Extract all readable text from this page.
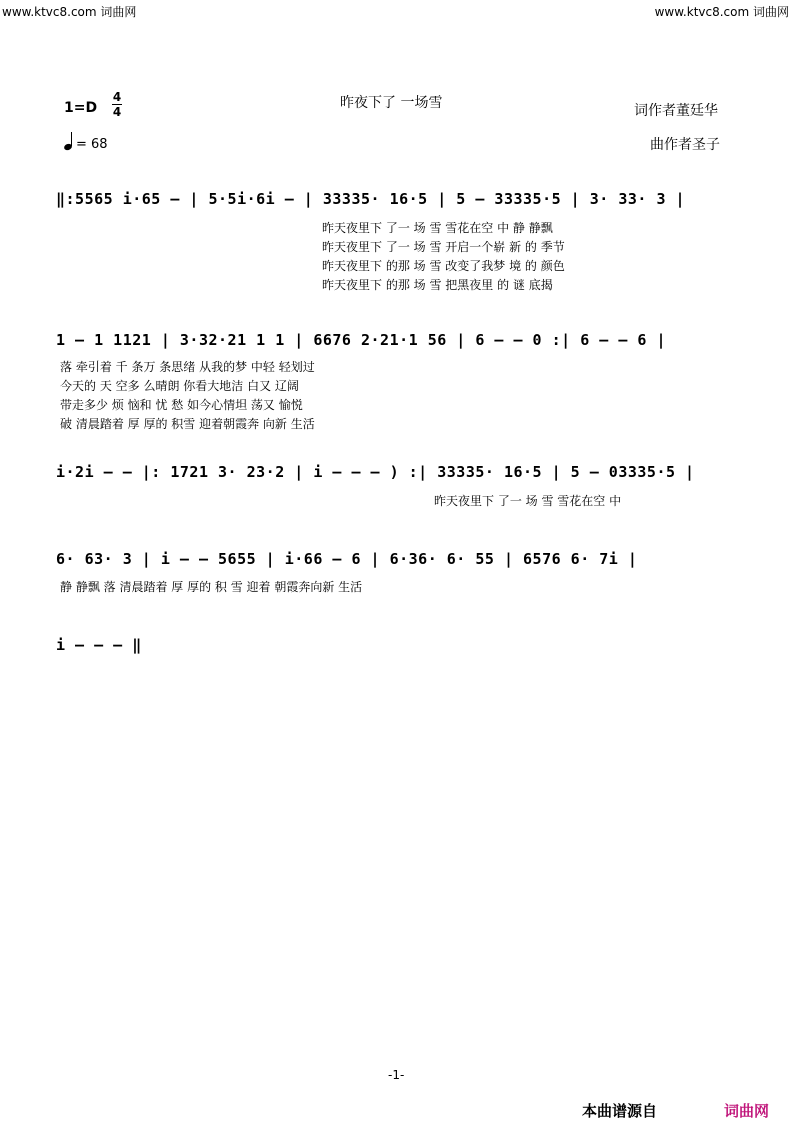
www.ktvc8.com 词曲网	www.ktvc8.com 词曲网
昨夜下了 一场雪
1=D
4
4	词作者董廷华
曲作者圣子
= 68
‖:5565 i·65 – | 5·5i·6i – | 33335· 16·5 | 5 – 33335·5 | 3· 33· 3 |
昨天夜里下 了一 场 雪 雪花在空 中 静 静飘
昨天夜里下 了一 场 雪 开启一个崭 新 的 季节
昨天夜里下 的那 场 雪 改变了我梦 境 的 颜色
昨天夜里下 的那 场 雪 把黑夜里 的 谜 底揭
1 – 1 1121 | 3·32·21 1 1 | 6676 2·21·1 56 | 6 – – 0 :| 6 – – 6 |
落 牵引着 千 条万 条思绪 从我的梦 中轻 轻划过
今天的 天 空多 么晴朗 你看大地洁 白又 辽阔
带走多少 烦 恼和 忧 愁 如今心情坦 荡又 愉悦
破 清晨踏着 厚 厚的 积雪 迎着朝霞奔 向新 生活
i·2i – – |: 1721 3· 23·2 | i – – – ) :| 33335· 16·5 | 5 – 03335·5 |
昨天夜里下 了一 场 雪 雪花在空 中
6· 63· 3 | i – – 5655 | i·66 – 6 | 6·36· 6· 55 | 6576 6· 7i |
静 静飘 落 清晨踏着 厚 厚的 积 雪 迎着 朝霞奔向新 生活
i – – – ‖
-1-
本曲谱源自	词曲网
